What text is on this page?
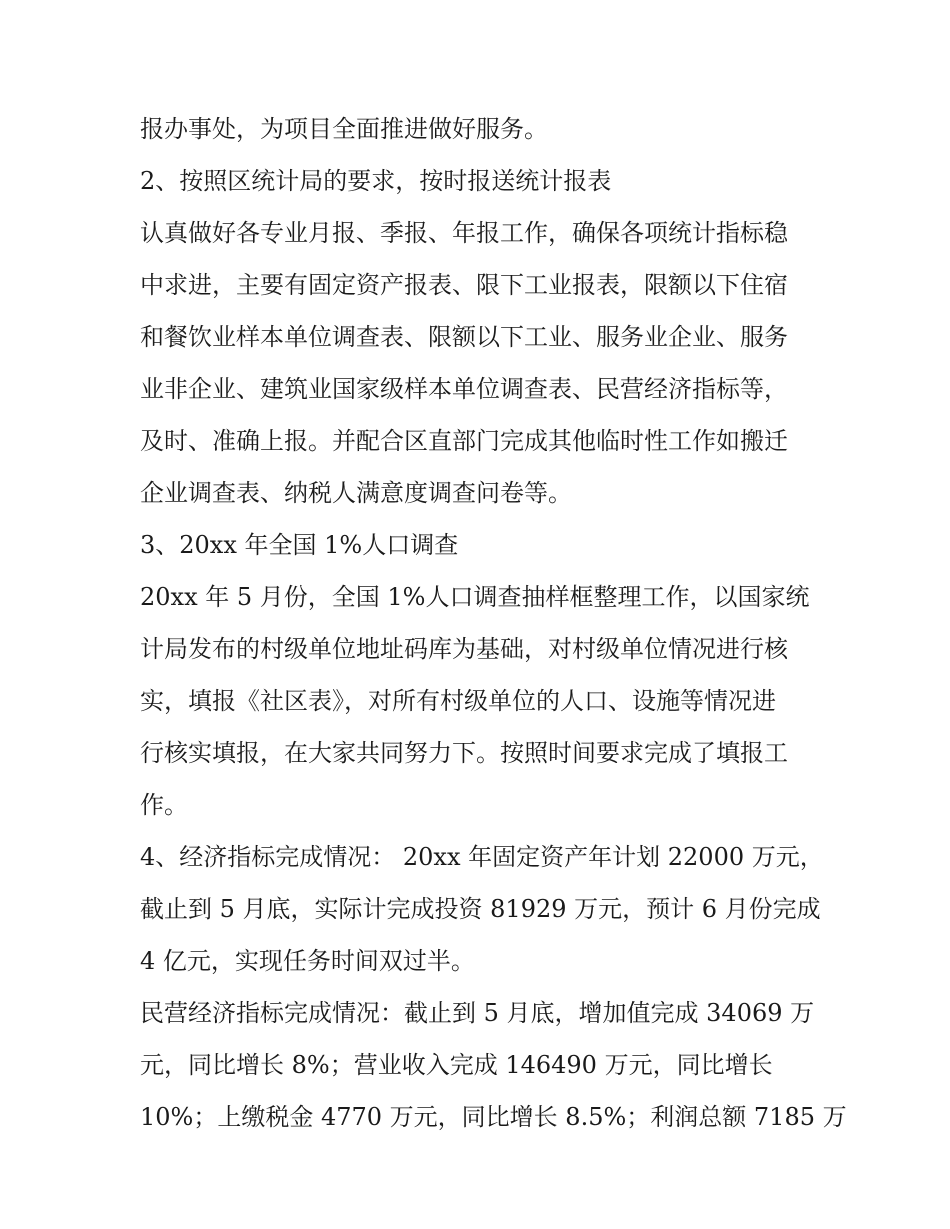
报办事处，为项目全面推进做好服务。
2、按照区统计局的要求，按时报送统计报表
认真做好各专业月报、季报、年报工作，确保各项统计指标稳
中求进，主要有固定资产报表、限下工业报表，限额以下住宿
和餐饮业样本单位调查表、限额以下工业、服务业企业、服务
业非企业、建筑业国家级样本单位调查表、民营经济指标等，
及时、准确上报。并配合区直部门完成其他临时性工作如搬迁
企业调查表、纳税人满意度调查问卷等。
3、20xx 年全国 1%人口调查
20xx 年 5 月份，全国 1%人口调查抽样框整理工作，以国家统
计局发布的村级单位地址码库为基础，对村级单位情况进行核
实，填报《社区表》，对所有村级单位的人口、设施等情况进
行核实填报，在大家共同努力下。按照时间要求完成了填报工
作。
4、经济指标完成情况： 20xx 年固定资产年计划 22000 万元，
截止到 5 月底，实际计完成投资 81929 万元，预计 6 月份完成
4 亿元，实现任务时间双过半。
民营经济指标完成情况：截止到 5 月底，增加值完成 34069 万
元，同比增长 8%；营业收入完成 146490 万元，同比增长
10%；上缴税金 4770 万元，同比增长 8.5%；利润总额 7185 万
